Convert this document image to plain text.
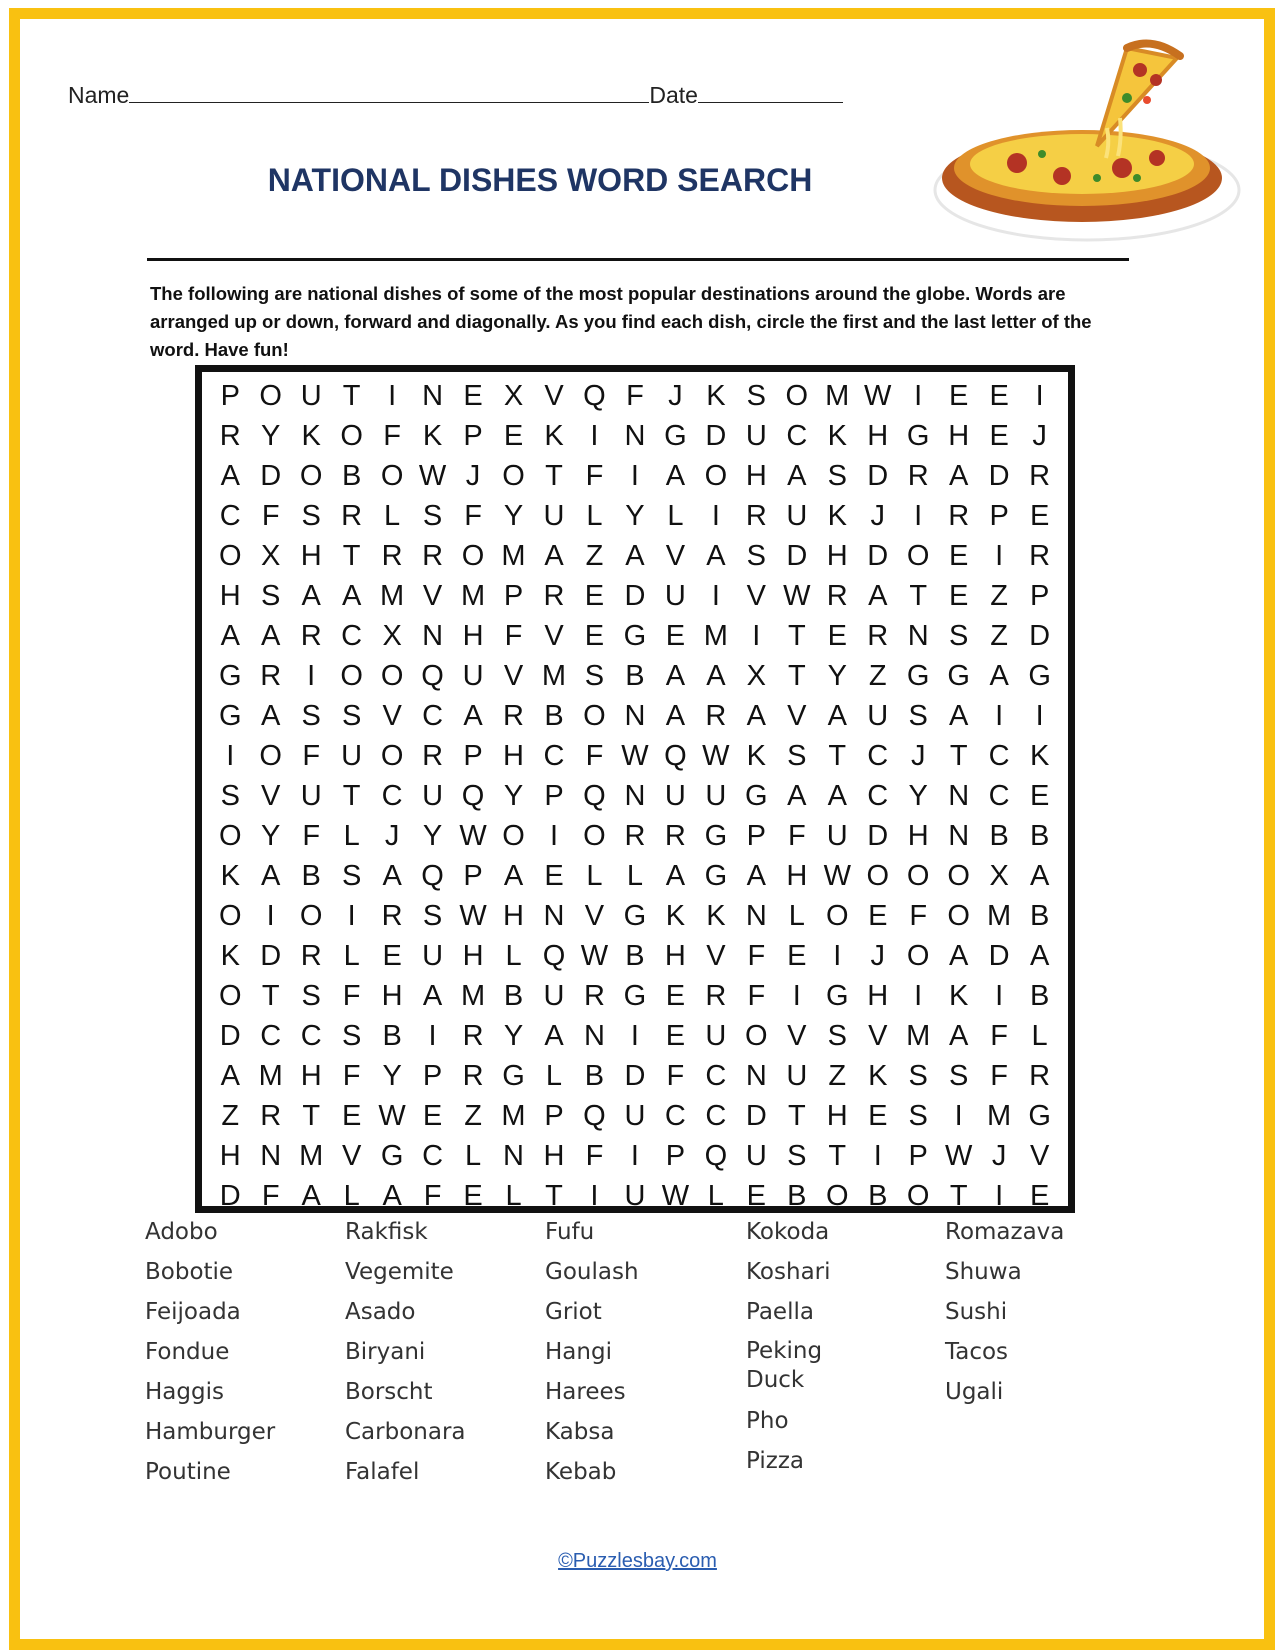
Name	Date
NATIONAL DISHES WORD SEARCH
The following are national dishes of some of the most popular destinations around the globe. Words are arranged up or down, forward and diagonally. As you find each dish, circle the first and the last letter of the word. Have fun!
P O U T I N E X V Q F J K S O M W I E E I
R Y K O F K P E K I N G D U C K H G H E J
A D O B O W J O T F I A O H A S D R A D R
C F S R L S F Y U L Y L I R U K J	I R P E
O X H T R R O M A Z A V A S D H D O E I R
H S A A M V M P R E D U I V W R A T E Z P
A A R C X N H F V E G E M I T E R N S Z D
G R I O O Q U V M S B A A X T Y Z G G A G
G A S S V C A R B O N A R A V A U S A I	I
I O F U O R P H C F W Q W K S T C J T C K
S V U T C U Q Y P Q N U U G A A C Y N C E
O Y F L J Y W O I O R R G P F U D H N B B
K A B S A Q P A E L L A G A H W O O O X A
O I O I R S W H N V G K K N L O E F O M B
K D R L E U H L Q W B H V F E I	J O A D A
O T S F H A M B U R G E R F I G H I K I B
D C C S B I R Y A N I E U O V S V M A F L
A M H F Y P R G L B D F C N U Z K S S F R
Z R T E W E Z M P Q U C C D T H E S I M G
H N M V G C L N H F I P Q U S T I P W J V
D F A L A F E L T I U W L E B O B O T I E
Adobo
Bobotie
Feijoada
Fondue
Haggis
Hamburger
Poutine
Rakfisk
Vegemite
Asado
Biryani
Borscht
Carbonara
Falafel
Fufu
Goulash
Griot
Hangi
Harees
Kabsa
Kebab
Kokoda
Koshari
Paella
Peking Duck
Pho
Pizza
Romazava
Shuwa
Sushi
Tacos
Ugali
©Puzzlesbay.com
